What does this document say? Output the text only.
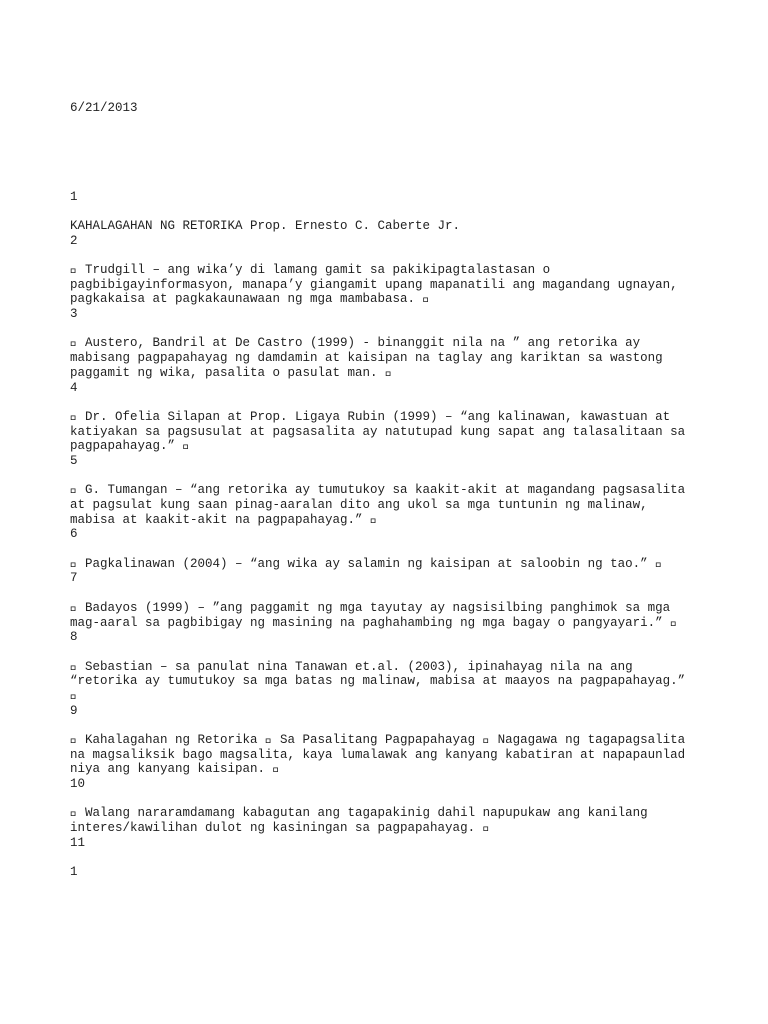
6/21/2013

1
KAHALAGAHAN NG RETORIKA Prop. Ernesto C. Caberte Jr.
2
Trudgill – ang wika’y di lamang gamit sa pakikipagtalastasan o
pagbibigayinformasyon, manapa’y giangamit upang mapanatili ang magandang ugnayan,
pagkakaisa at pagkakaunawaan ng mga mambabasa.
3
Austero, Bandril at De Castro (1999) - binanggit nila na ” ang retorika ay
mabisang pagpapahayag ng damdamin at kaisipan na taglay ang kariktan sa wastong
paggamit ng wika, pasalita o pasulat man.
4
Dr. Ofelia Silapan at Prop. Ligaya Rubin (1999) – “ang kalinawan, kawastuan at
katiyakan sa pagsusulat at pagsasalita ay natutupad kung sapat ang talasalitaan sa
pagpapahayag.”
5
G. Tumangan – “ang retorika ay tumutukoy sa kaakit-akit at magandang pagsasalita
at pagsulat kung saan pinag-aaralan dito ang ukol sa mga tuntunin ng malinaw,
mabisa at kaakit-akit na pagpapahayag.”
6
Pagkalinawan (2004) – “ang wika ay salamin ng kaisipan at saloobin ng tao.”
7
Badayos (1999) – ”ang paggamit ng mga tayutay ay nagsisilbing panghimok sa mga
mag-aaral sa pagbibigay ng masining na paghahambing ng mga bagay o pangyayari.”
8
Sebastian – sa panulat nina Tanawan et.al. (2003), ipinahayag nila na ang
“retorika ay tumutukoy sa mga batas ng malinaw, mabisa at maayos na pagpapahayag.”

9
Kahalagahan ng Retorika   Sa Pasalitang Pagpapahayag   Nagagawa ng tagapagsalita
na magsaliksik bago magsalita, kaya lumalawak ang kanyang kabatiran at napapaunlad
niya ang kanyang kaisipan.
10
Walang nararamdamang kabagutan ang tagapakinig dahil napupukaw ang kanilang
interes/kawilihan dulot ng kasiningan sa pagpapahayag.
11
1
